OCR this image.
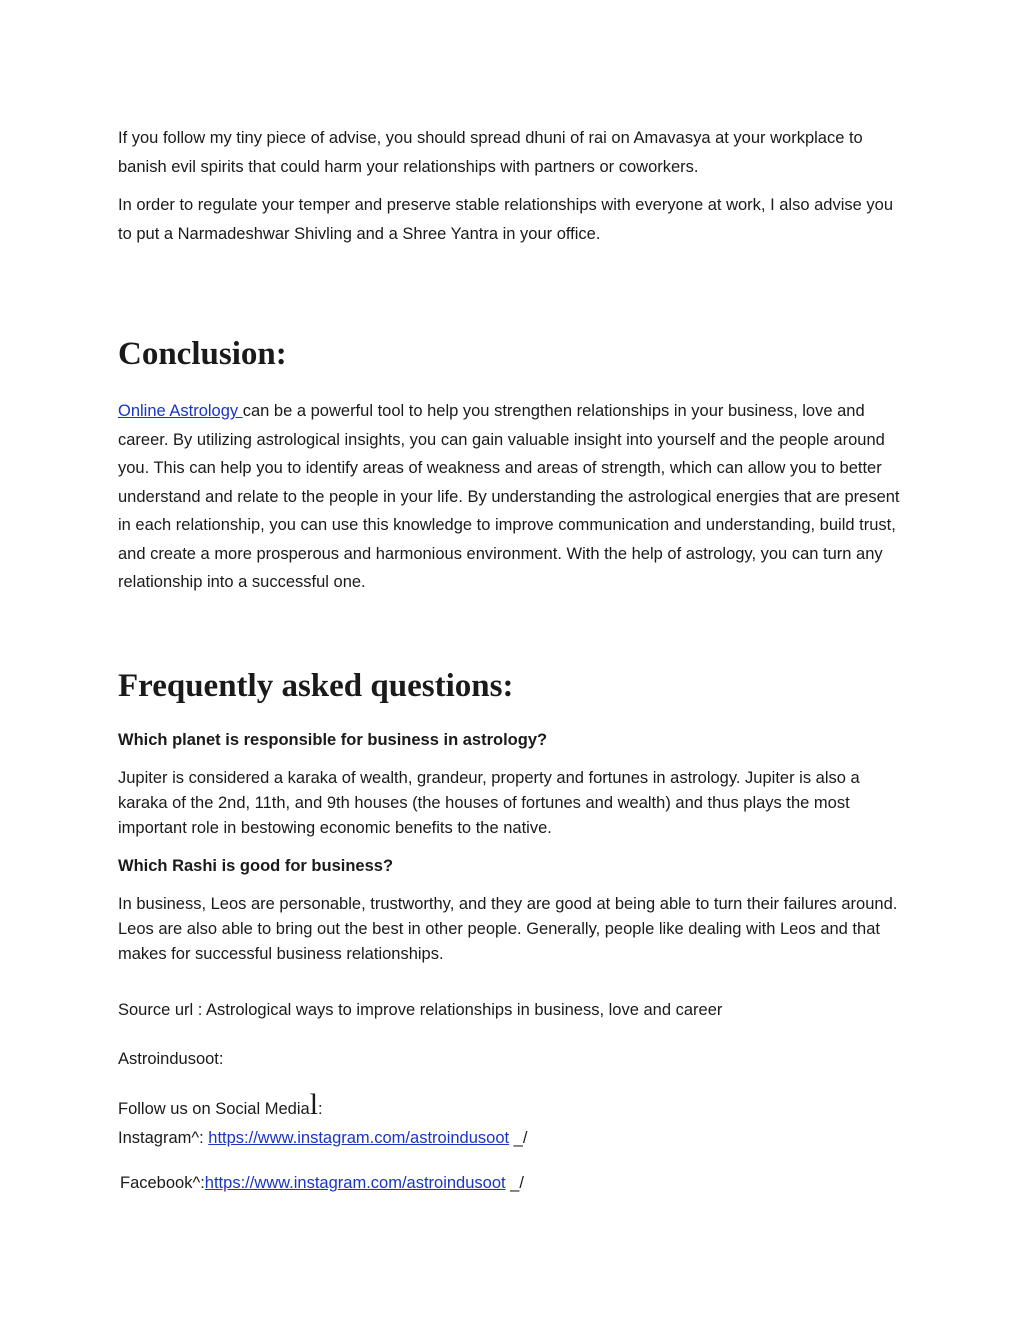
If you follow my tiny piece of advise, you should spread dhuni of rai on Amavasya at your workplace to banish evil spirits that could harm your relationships with partners or coworkers.

In order to regulate your temper and preserve stable relationships with everyone at work, I also advise you to put a Narmadeshwar Shivling and a Shree Yantra in your office.

Conclusion:

Online Astrology can be a powerful tool to help you strengthen relationships in your business, love and career. By utilizing astrological insights, you can gain valuable insight into yourself and the people around you. This can help you to identify areas of weakness and areas of strength, which can allow you to better understand and relate to the people in your life. By understanding the astrological energies that are present in each relationship, you can use this knowledge to improve communication and understanding, build trust, and create a more prosperous and harmonious environment. With the help of astrology, you can turn any relationship into a successful one.

Frequently asked questions:
Which planet is responsible for business in astrology?

Jupiter is considered a karaka of wealth, grandeur, property and fortunes in astrology. Jupiter is also a karaka of the 2nd, 11th, and 9th houses (the houses of fortunes and wealth) and thus plays the most important role in bestowing economic benefits to the native.

Which Rashi is good for business?

In business, Leos are personable, trustworthy, and they are good at being able to turn their failures around. Leos are also able to bring out the best in other people. Generally, people like dealing with Leos and that makes for successful business relationships.

Source url : Astrological ways to improve relationships in business, love and career

Astroindusoot:

Follow us on Social Medial:

Instagram^: https://www.instagram.com/astroindusoot _/

Facebook^:https://www.instagram.com/astroindusoot _/
